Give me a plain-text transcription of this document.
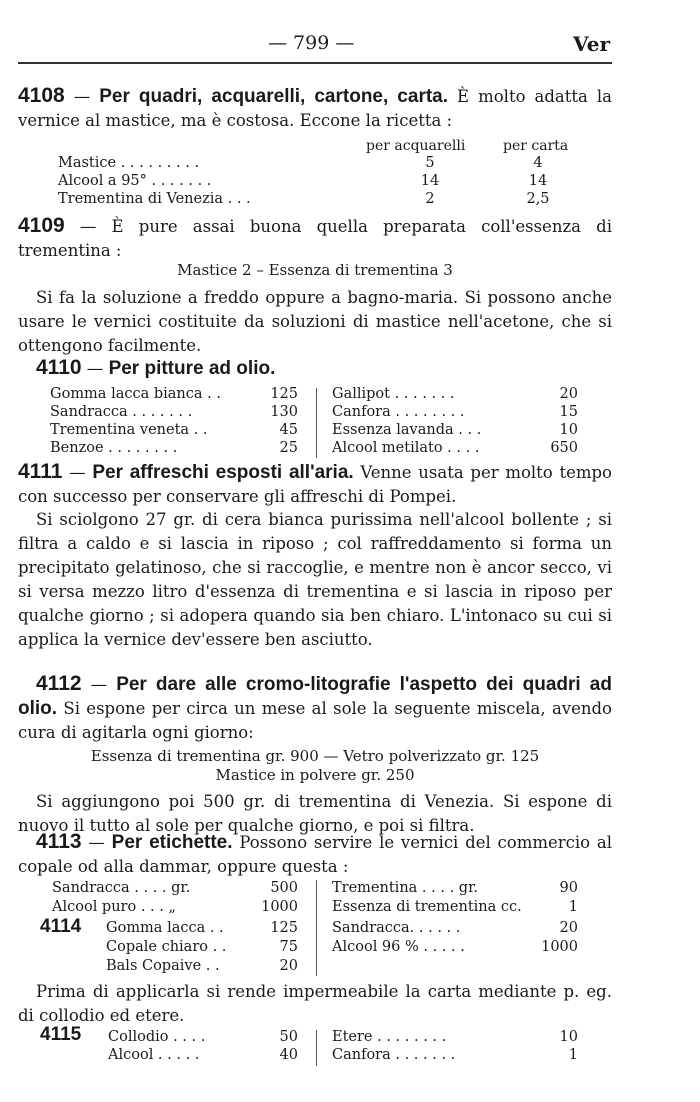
— 799 —	Ver
4108 — Per quadri, acquarelli, cartone, carta. È molto adatta la vernice al mastice, ma è costosa. Eccone la ricetta :
per acquarelli	per carta
Mastice . . . . . . . . .	5	4
Alcool a 95° . . . . . . .	14	14
Trementina di Venezia . . .	2	2,5
4109 — È pure assai buona quella preparata coll'essenza di trementina :
Mastice 2 – Essenza di trementina 3
Si fa la soluzione a freddo oppure a bagno-maria. Si possono anche usare le vernici costituite da soluzioni di mastice nell'acetone, che si ottengono facilmente.
4110 — Per pitture ad olio.
Gomma lacca bianca . .	125
Sandracca . . . . . . .	130
Trementina veneta . .	45
Benzoe . . . . . . . .	25
Gallipot . . . . . . .	20
Canfora . . . . . . . .	15
Essenza lavanda . . .	10
Alcool metilato . . . .	650
4111 — Per affreschi esposti all'aria. Venne usata per molto tempo con successo per conservare gli affreschi di Pompei.
Si sciolgono 27 gr. di cera bianca purissima nell'alcool bollente ; si filtra a caldo e si lascia in riposo ; col raffreddamento si forma un precipitato gelatinoso, che si raccoglie, e mentre non è ancor secco, vi si versa mezzo litro d'essenza di trementina e si lascia in riposo per qualche giorno ; si adopera quando sia ben chiaro. L'intonaco su cui si applica la vernice dev'essere ben asciutto.
4112 — Per dare alle cromo-litografie l'aspetto dei quadri ad olio. Si espone per circa un mese al sole la seguente miscela, avendo cura di agitarla ogni giorno:
Essenza di trementina gr. 900 — Vetro polverizzato gr. 125
Mastice in polvere gr. 250
Si aggiungono poi 500 gr. di trementina di Venezia. Si espone di nuovo il tutto al sole per qualche giorno, e poi si filtra.
4113 — Per etichette. Possono servire le vernici del commercio al copale od alla dammar, oppure questa :
Sandracca . . . . gr.	500
Alcool puro . . . „	1000
Trementina . . . . gr.	90
Essenza di trementina cc.	1
4114 Gomma lacca . .	125
Copale chiaro . .	75
Bals Copaive . .	20
Sandracca. . . . . .	20
Alcool 96 % . . . . .	1000
Prima di applicarla si rende impermeabile la carta mediante p. eg. di collodio ed etere.
4115 Collodio . . . .	50
Alcool . . . . .	40
Etere . . . . . . . .	10
Canfora . . . . . . .	1
